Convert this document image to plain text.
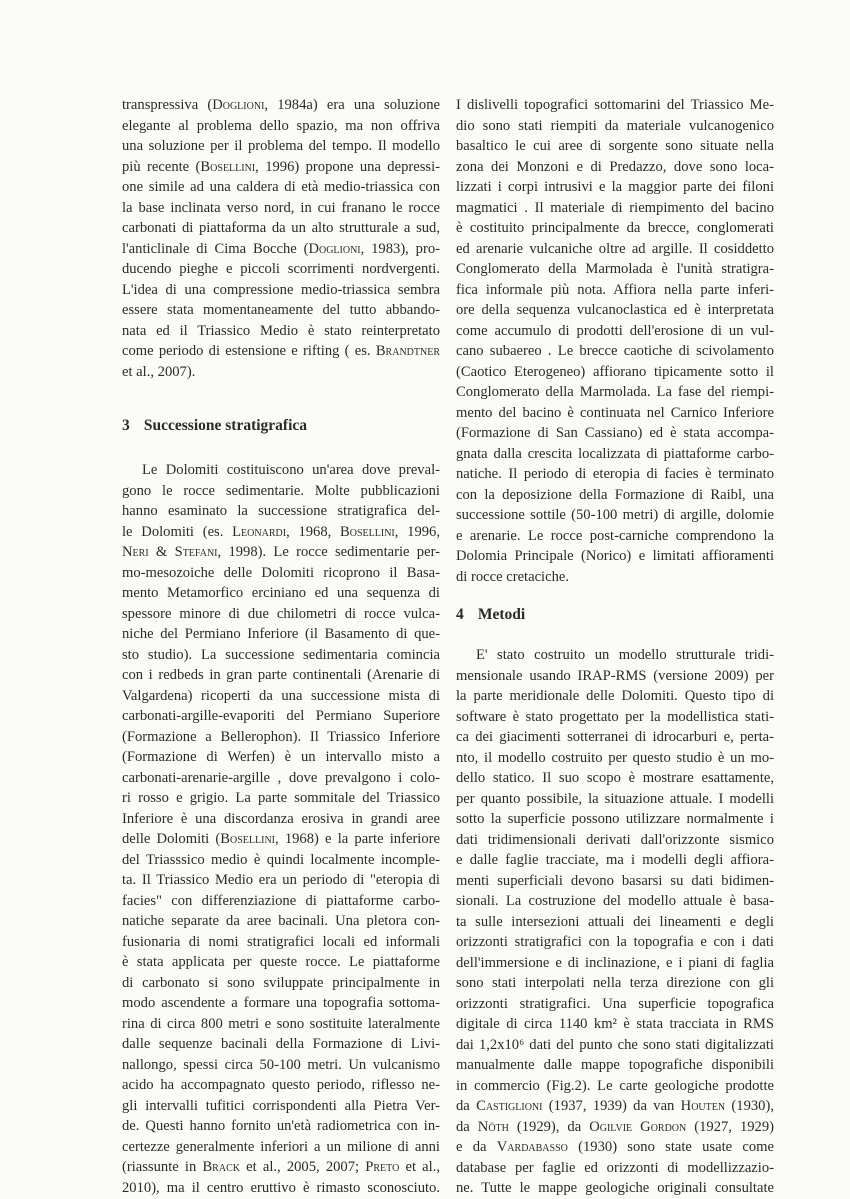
transpressiva (Doglioni, 1984a) era una soluzione
elegante al problema dello spazio, ma non offriva
una soluzione per il problema del tempo. Il modello
più recente (Bosellini, 1996) propone una depressi-
one simile ad una caldera di età medio-triassica con
la base inclinata verso nord, in cui franano le rocce
carbonati di piattaforma da un alto strutturale a sud,
l'anticlinale di Cima Bocche (Doglioni, 1983), pro-
ducendo pieghe e piccoli scorrimenti nordvergenti.
L'idea di una compressione medio-triassica sembra
essere stata momentaneamente del tutto abbando-
nata ed il Triassico Medio è stato reinterpretato
come periodo di estensione e rifting ( es. Brandtner
et al., 2007).
3 Successione stratigrafica
Le Dolomiti costituiscono un'area dove preval-
gono le rocce sedimentarie. Molte pubblicazioni
hanno esaminato la successione stratigrafica del-
le Dolomiti (es. Leonardi, 1968, Bosellini, 1996,
Neri & Stefani, 1998). Le rocce sedimentarie per-
mo-mesozoiche delle Dolomiti ricoprono il Basa-
mento Metamorfico erciniano ed una sequenza di
spessore minore di due chilometri di rocce vulca-
niche del Permiano Inferiore (il Basamento di que-
sto studio). La successione sedimentaria comincia
con i redbeds in gran parte continentali (Arenarie di
Valgardena) ricoperti da una successione mista di
carbonati-argille-evaporiti del Permiano Superiore
(Formazione a Bellerophon). Il Triassico Inferiore
(Formazione di Werfen) è un intervallo misto a
carbonati-arenarie-argille , dove prevalgono i colo-
ri rosso e grigio. La parte sommitale del Triassico
Inferiore è una discordanza erosiva in grandi aree
delle Dolomiti (Bosellini, 1968) e la parte inferiore
del Triasssico medio è quindi localmente incomple-
ta. Il Triassico Medio era un periodo di "eteropia di
facies" con differenziazione di piattaforme carbo-
natiche separate da aree bacinali. Una pletora con-
fusionaria di nomi stratigrafici locali ed informali
è stata applicata per queste rocce. Le piattaforme
di carbonato si sono sviluppate principalmente in
modo ascendente a formare una topografia sottoma-
rina di circa 800 metri e sono sostituite lateralmente
dalle sequenze bacinali della Formazione di Livi-
nallongo, spessi circa 50-100 metri. Un vulcanismo
acido ha accompagnato questo periodo, riflesso ne-
gli intervalli tufitici corrispondenti alla Pietra Ver-
de. Questi hanno fornito un'età radiometrica con in-
certezze generalmente inferiori a un milione di anni
(riassunte in Brack et al., 2005, 2007; Preto et al.,
2010), ma il centro eruttivo è rimasto sconosciuto.
I dislivelli topografici sottomarini del Triassico Me-
dio sono stati riempiti da materiale vulcanogenico
basaltico le cui aree di sorgente sono situate nella
zona dei Monzoni e di Predazzo, dove sono loca-
lizzati i corpi intrusivi e la maggior parte dei filoni
magmatici . Il materiale di riempimento del bacino
è costituito principalmente da brecce, conglomerati
ed arenarie vulcaniche oltre ad argille. Il cosiddetto
Conglomerato della Marmolada è l'unità stratigra-
fica informale più nota. Affiora nella parte inferi-
ore della sequenza vulcanoclastica ed è interpretata
come accumulo di prodotti dell'erosione di un vul-
cano subaereo . Le brecce caotiche di scivolamento
(Caotico Eterogeneo) affiorano tipicamente sotto il
Conglomerato della Marmolada. La fase del riempi-
mento del bacino è continuata nel Carnico Inferiore
(Formazione di San Cassiano) ed è stata accompa-
gnata dalla crescita localizzata di piattaforme carbo-
natiche. Il periodo di eteropia di facies è terminato
con la deposizione della Formazione di Raibl, una
successione sottile (50-100 metri) di argille, dolomie
e arenarie. Le rocce post-carniche comprendono la
Dolomia Principale (Norico) e limitati affioramenti
di rocce cretaciche.
4 Metodi
E' stato costruito un modello strutturale tridi-
mensionale usando IRAP-RMS (versione 2009) per
la parte meridionale delle Dolomiti. Questo tipo di
software è stato progettato per la modellistica stati-
ca dei giacimenti sotterranei di idrocarburi e, perta-
nto, il modello costruito per questo studio è un mo-
dello statico. Il suo scopo è mostrare esattamente,
per quanto possibile, la situazione attuale. I modelli
sotto la superficie possono utilizzare normalmente i
dati tridimensionali derivati dall'orizzonte sismico
e dalle faglie tracciate, ma i modelli degli affiora-
menti superficiali devono basarsi su dati bidimen-
sionali. La costruzione del modello attuale è basa-
ta sulle intersezioni attuali dei lineamenti e degli
orizzonti stratigrafici con la topografia e con i dati
dell'immersione e di inclinazione, e i piani di faglia
sono stati interpolati nella terza direzione con gli
orizzonti stratigrafici. Una superficie topografica
digitale di circa 1140 km² è stata tracciata in RMS
dai 1,2x10⁶ dati del punto che sono stati digitalizzati
manualmente dalle mappe topografiche disponibili
in commercio (Fig.2). Le carte geologiche prodotte
da Castiglioni (1937, 1939) da van Houten (1930),
da Nöth (1929), da Ogilvie Gordon (1927, 1929)
e da Vardabasso (1930) sono state usate come
database per faglie ed orizzonti di modellizzazio-
ne. Tutte le mappe geologiche originali consultate
